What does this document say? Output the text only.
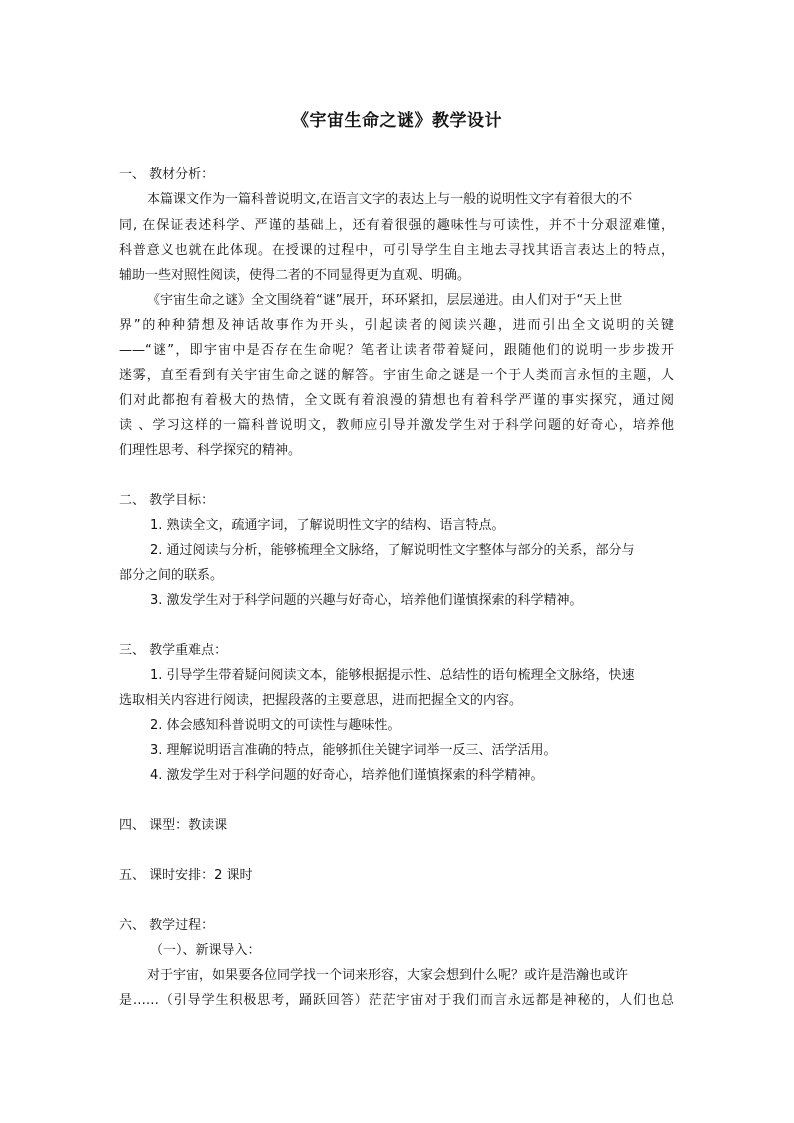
《宇宙生命之谜》教学设计
一、 教材分析：
本篇课文作为一篇科普说明文,在语言文字的表达上与一般的说明性文字有着很大的不
同, 在保证表述科学、严谨的基础上，还有着很强的趣味性与可读性，并不十分艰涩难懂，
科普意义也就在此体现。在授课的过程中，可引导学生自主地去寻找其语言表达上的特点，
辅助一些对照性阅读，使得二者的不同显得更为直观、明确。
《宇宙生命之谜》全文围绕着“谜”展开，环环紧扣，层层递进。由人们对于“天上世
界”的种种猜想及神话故事作为开头，引起读者的阅读兴趣，进而引出全文说明的关键
——“谜”，即宇宙中是否存在生命呢？笔者让读者带着疑问，跟随他们的说明一步步拨开
迷雾，直至看到有关宇宙生命之谜的解答。宇宙生命之谜是一个于人类而言永恒的主题，人
们对此都抱有着极大的热情，全文既有着浪漫的猜想也有着科学严谨的事实探究，通过阅
读 、学习这样的一篇科普说明文，教师应引导并激发学生对于科学问题的好奇心，培养他
们理性思考、科学探究的精神。
二、 教学目标：
1. 熟读全文，疏通字词，了解说明性文字的结构、语言特点。
2. 通过阅读与分析，能够梳理全文脉络，了解说明性文字整体与部分的关系，部分与
部分之间的联系。
3. 激发学生对于科学问题的兴趣与好奇心，培养他们谨慎探索的科学精神。
三、 教学重难点：
1. 引导学生带着疑问阅读文本，能够根据提示性、总结性的语句梳理全文脉络，快速
选取相关内容进行阅读，把握段落的主要意思，进而把握全文的内容。
2. 体会感知科普说明文的可读性与趣味性。
3. 理解说明语言准确的特点，能够抓住关键字词举一反三、活学活用。
4. 激发学生对于科学问题的好奇心，培养他们谨慎探索的科学精神。
四、 课型：教读课
五、 课时安排：2 课时
六、 教学过程：
（一）、新课导入：
对于宇宙，如果要各位同学找一个词来形容，大家会想到什么呢？或许是浩瀚也或许
是……（引导学生积极思考，踊跃回答）茫茫宇宙对于我们而言永远都是神秘的，人们也总
